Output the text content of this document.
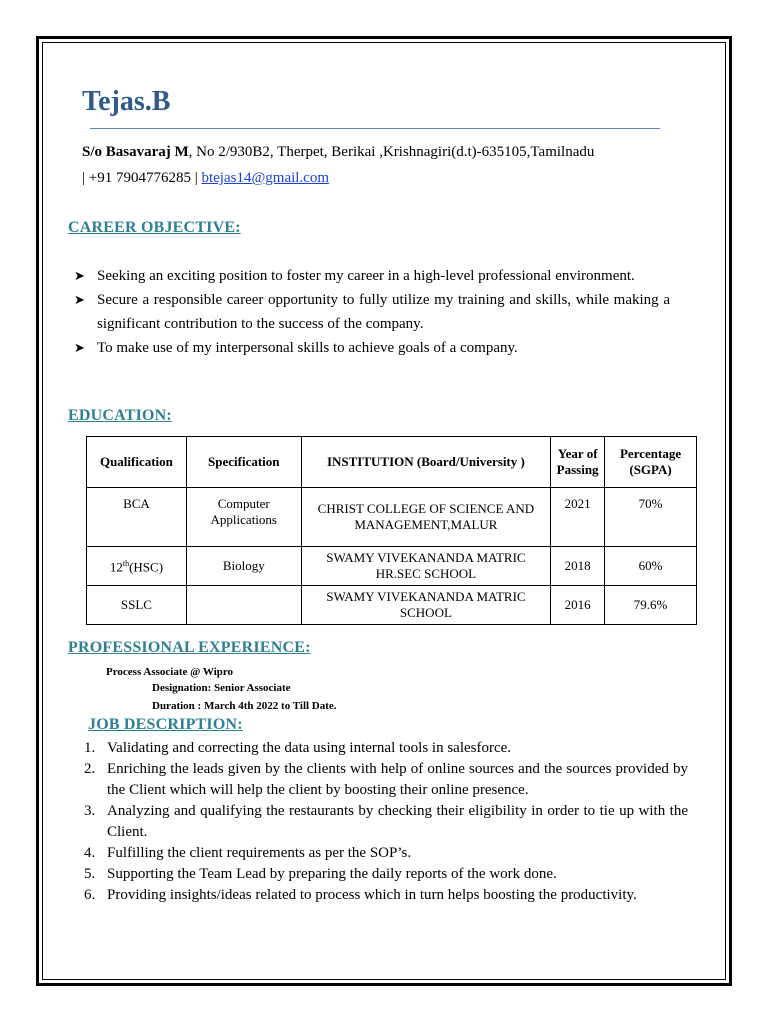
Tejas.B
S/o Basavaraj M, No 2/930B2, Therpet, Berikai ,Krishnagiri(d.t)-635105,Tamilnadu
| +91 7904776285 | btejas14@gmail.com
CAREER OBJECTIVE:
➤ Seeking an exciting position to foster my career in a high-level professional environment.
➤ Secure a responsible career opportunity to fully utilize my training and skills, while making a significant contribution to the success of the company.
➤ To make use of my interpersonal skills to achieve goals of a company.
EDUCATION:
Qualification	Specification	INSTITUTION (Board/University )	Year of Passing	Percentage (SGPA)
BCA	Computer Applications	CHRIST COLLEGE OF SCIENCE AND MANAGEMENT,MALUR	2021	70%
12th(HSC)	Biology	SWAMY VIVEKANANDA MATRIC HR.SEC SCHOOL	2018	60%
SSLC		SWAMY VIVEKANANDA MATRIC SCHOOL	2016	79.6%
PROFESSIONAL EXPERIENCE:
Process Associate @ Wipro
Designation: Senior Associate
Duration : March 4th 2022 to Till Date.
JOB DESCRIPTION:
1. Validating and correcting the data using internal tools in salesforce.
2. Enriching the leads given by the clients with help of online sources and the sources provided by the Client which will help the client by boosting their online presence.
3. Analyzing and qualifying the restaurants by checking their eligibility in order to tie up with the Client.
4. Fulfilling the client requirements as per the SOP’s.
5. Supporting the Team Lead by preparing the daily reports of the work done.
6. Providing insights/ideas related to process which in turn helps boosting the productivity.
